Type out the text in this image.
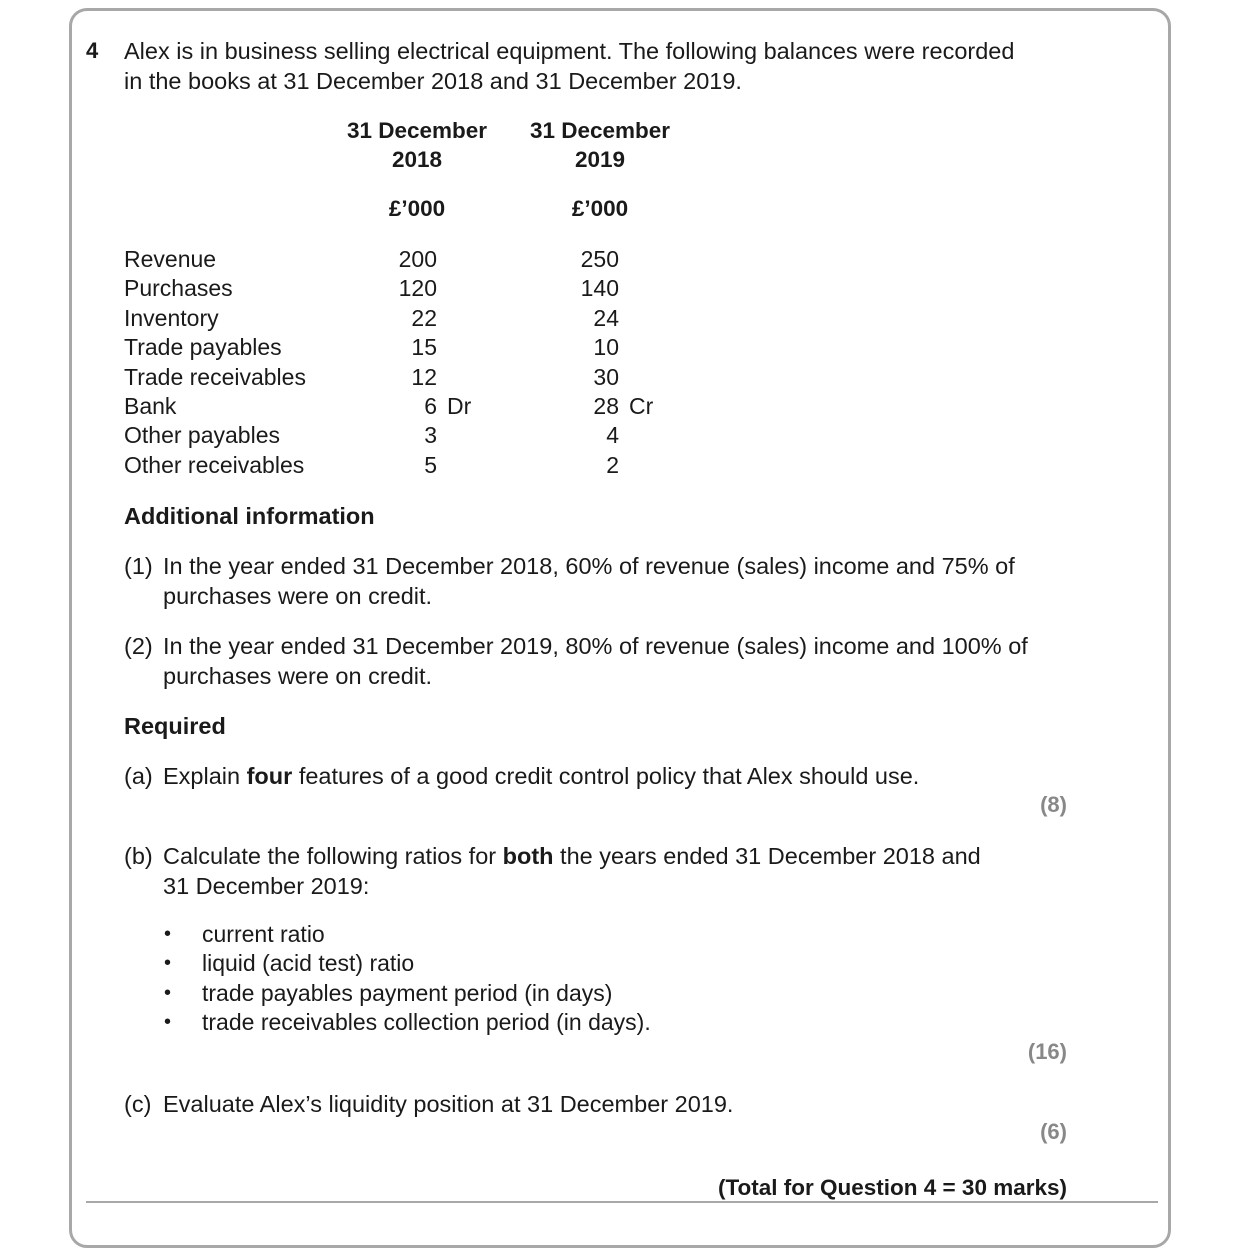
4 Alex is in business selling electrical equipment. The following balances were recorded
in the books at 31 December 2018 and 31 December 2019.
31 December
2018
31 December
2019
£’000	£’000
Revenue	200	250
Purchases	120	140
Inventory	22	24
Trade payables	15	10
Trade receivables	12	30
Bank	6 Dr	28 Cr
Other payables	3	4
Other receivables	5	2
Additional information
(1) In the year ended 31 December 2018, 60% of revenue (sales) income and 75% of
purchases were on credit.
(2) In the year ended 31 December 2019, 80% of revenue (sales) income and 100% of
purchases were on credit.
Required
(a) Explain four features of a good credit control policy that Alex should use.
(8)
(b) Calculate the following ratios for both the years ended 31 December 2018 and
31 December 2019:
• current ratio
• liquid (acid test) ratio
• trade payables payment period (in days)
• trade receivables collection period (in days).
(16)
(c) Evaluate Alex’s liquidity position at 31 December 2019.
(6)
(Total for Question 4 = 30 marks)
